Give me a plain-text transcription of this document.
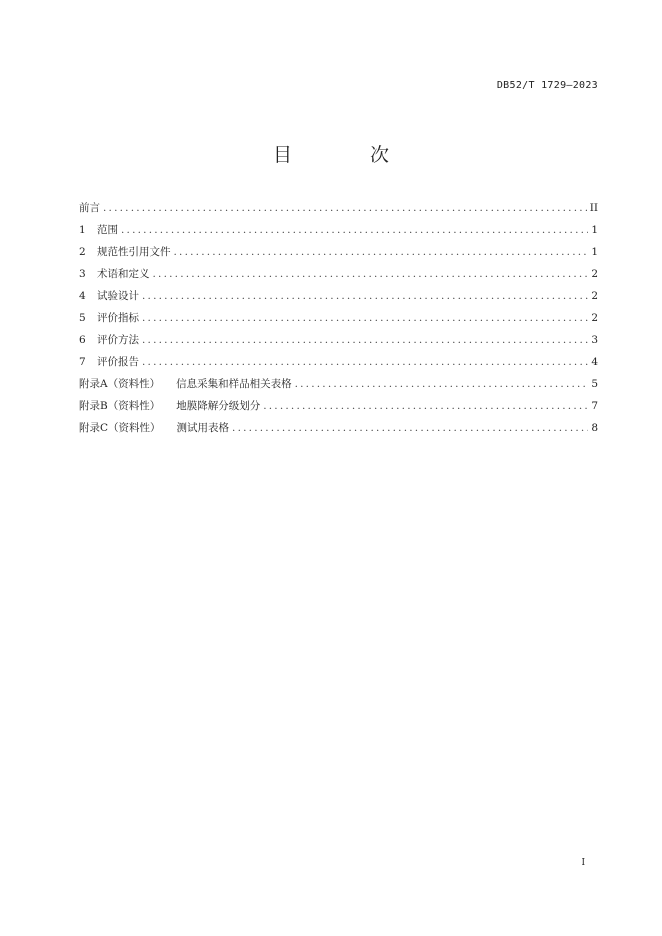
DB52/T 1729—2023
目 次
前言 .....	II
1 范围 .....	1
2 规范性引用文件 .....	1
3 术语和定义 .....	2
4 试验设计 .....	2
5 评价指标 .....	2
6 评价方法 .....	3
7 评价报告 .....	4
附录A（资料性） 信息采集和样品相关表格 .....	5
附录B（资料性） 地膜降解分级划分 .....	7
附录C（资料性） 测试用表格 .....	8
I
